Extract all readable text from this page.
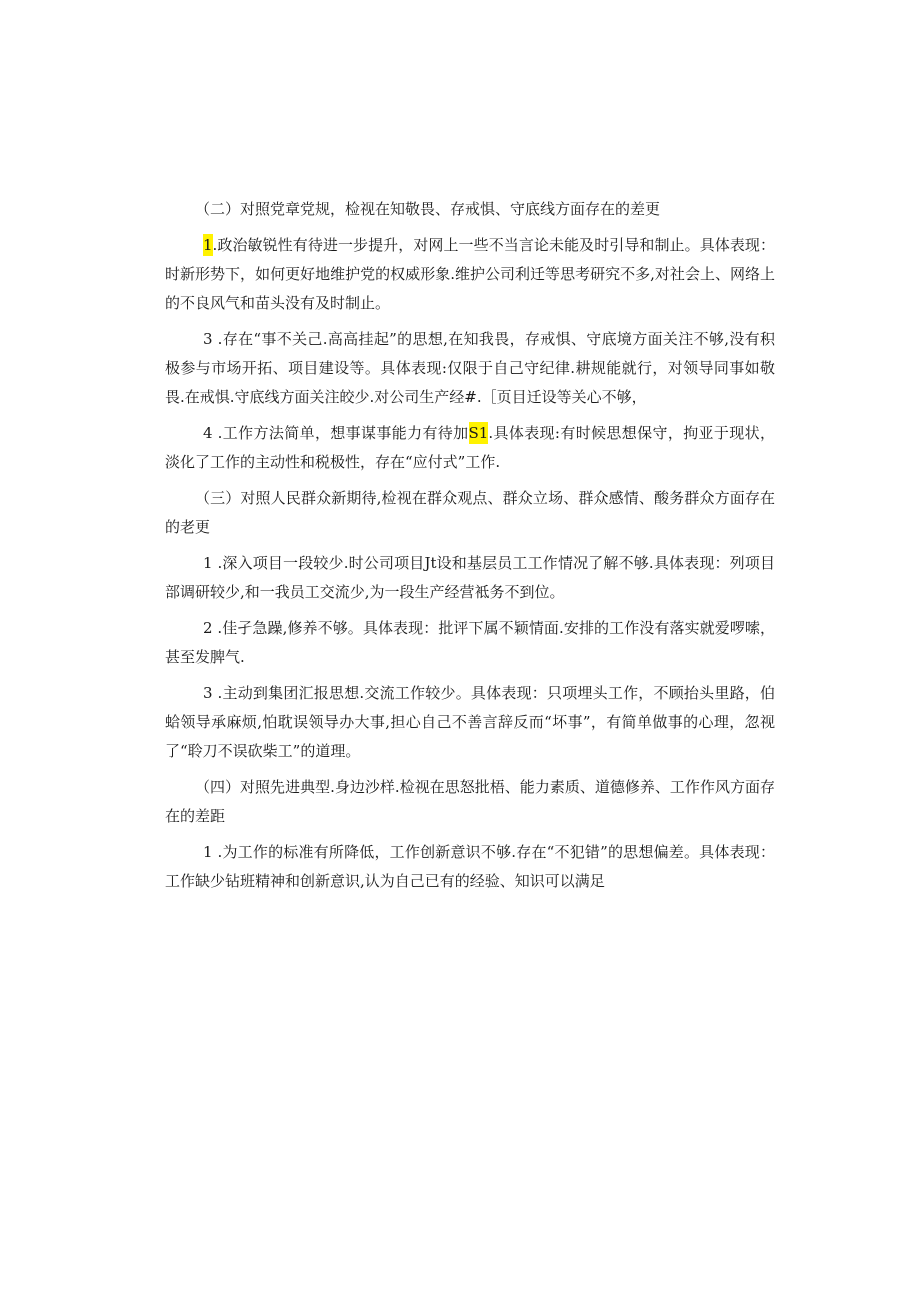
（二）对照党章党规，检视在知敬畏、存戒惧、守底线方面存在的差更

1.政治敏锐性有待进一步提升，对网上一些不当言论未能及时引导和制止。具体表现：时新形势下，如何更好地维护党的权威形象.维护公司利迁等思考研究不多,对社会上、网络上的不良风气和苗头没有及时制止。

3 .存在“事不关己.高高挂起”的思想,在知我畏，存戒惧、守底境方面关注不够,没有积极参与市场开拓、项目建设等。具体表现:仅限于自己守纪律.耕规能就行，对领导同事如敬畏.在戒惧.守底线方面关注皎少.对公司生产经#.［页目迁设等关心不够，

4 .工作方法简单，想事谋事能力有待加S1.具体表现:有时候思想保守，拘亚于现状，淡化了工作的主动性和税极性，存在“应付式”工作.

（三）对照人民群众新期待,检视在群众观点、群众立场、群众感情、酸务群众方面存在的老更

1 .深入项目一段较少.时公司项目Jt设和基层员工工作情况了解不够.具体表现：列项目部调研较少,和一我员工交流少,为一段生产经营袛务不到位。

2 .佳孑急躁,修养不够。具体表现：批评下属不颖情面.安排的工作没有落实就爱啰嗦，甚至发脾气.

3 .主动到集团汇报思想.交流工作较少。具体表现：只项埋头工作，不顾抬头里路，伯蛤领导承麻烦,怕耽误领导办大事,担心自己不善言辞反而“坏事”，有简单做事的心理，忽视了“聆刀不误砍柴工”的道理。

（四）对照先进典型.身边沙样.检视在思怒批梧、能力素质、道德修养、工作作风方面存在的差距

1 .为工作的标准有所降低，工作创新意识不够.存在“不犯错”的思想偏差。具体表现：工作缺少钻班精神和创新意识,认为自己已有的经验、知识可以满足
